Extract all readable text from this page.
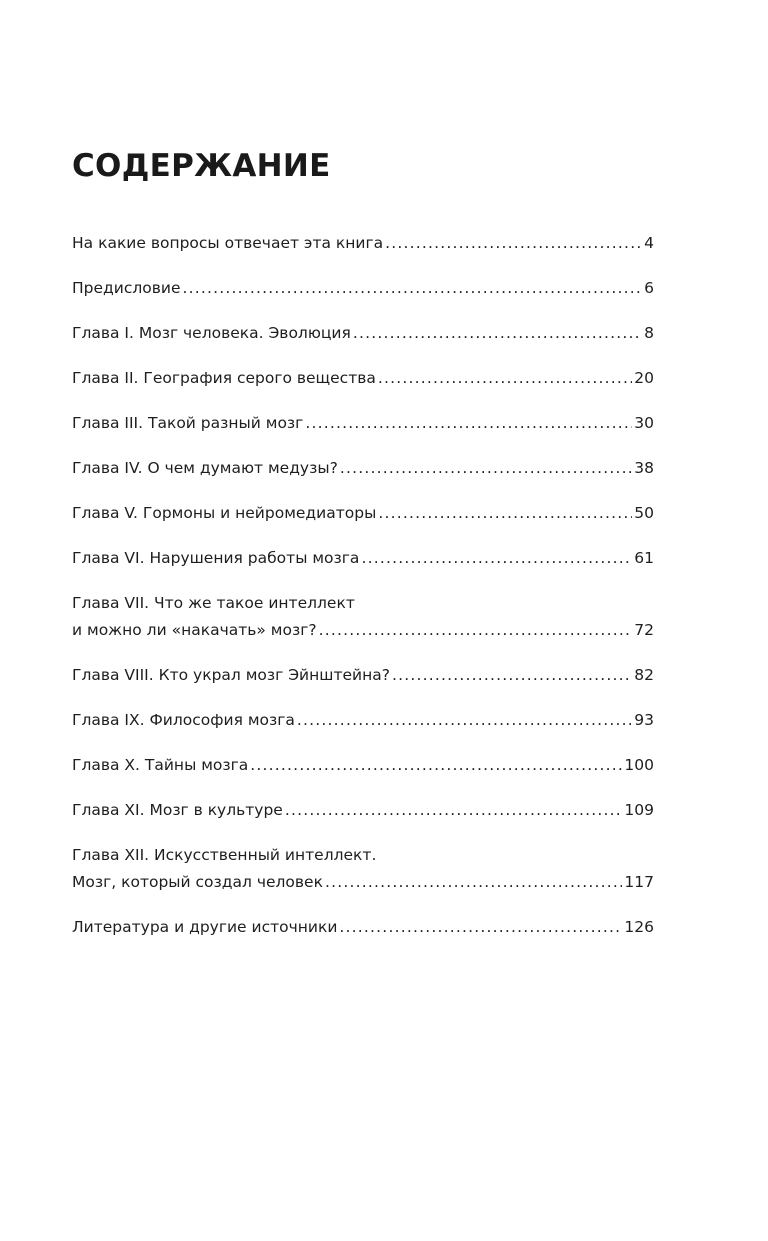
СОДЕРЖАНИЕ
На какие вопросы отвечает эта книга .....	4
Предисловие .....	6
Глава I. Мозг человека. Эволюция .....	8
Глава II. География серого вещества .....	20
Глава III. Такой разный мозг .....	30
Глава IV. О чем думают медузы? .....	38
Глава V. Гормоны и нейромедиаторы .....	50
Глава VI. Нарушения работы мозга .....	61
Глава VII. Что же такое интеллект
и можно ли «накачать» мозг? .....	72
Глава VIII. Кто украл мозг Эйнштейна? .....	82
Глава IX. Философия мозга .....	93
Глава X. Тайны мозга .....	100
Глава XI. Мозг в культуре .....	109
Глава XII. Искусственный интеллект.
Мозг, который создал человек .....	117
Литература и другие источники .....	126
